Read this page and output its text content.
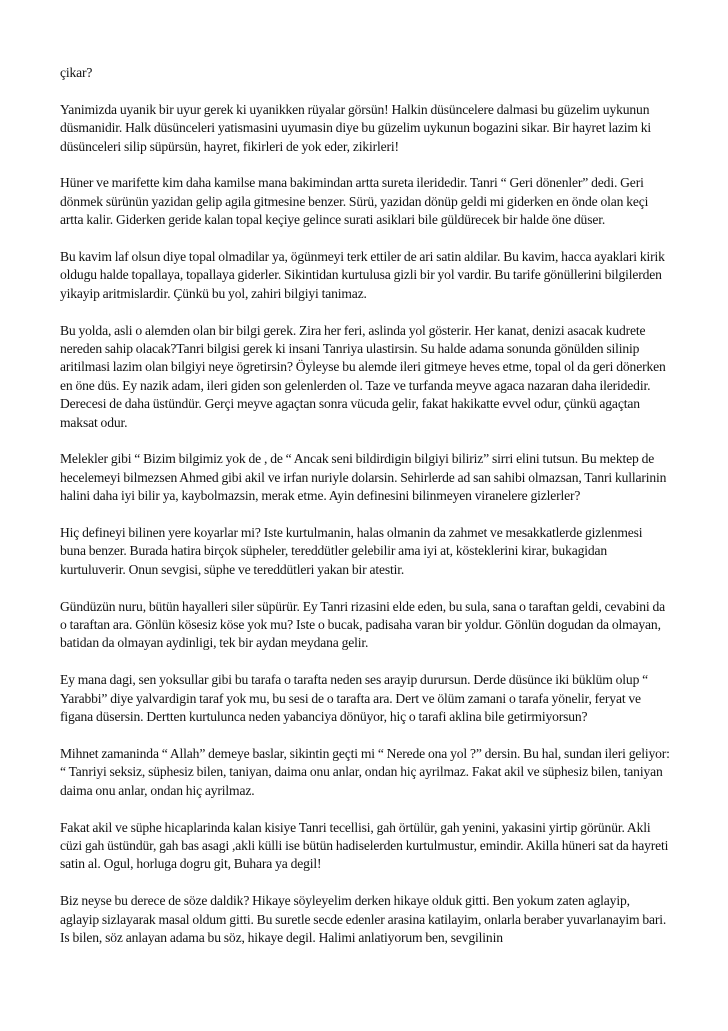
çikar?

Yanimizda uyanik bir uyur gerek ki uyanikken rüyalar görsün! Halkin düsüncelere dalmasi bu güzelim uykunun düsmanidir. Halk düsünceleri yatismasini uyumasin diye bu güzelim uykunun bogazini sikar. Bir hayret lazim ki düsünceleri silip süpürsün, hayret, fikirleri de yok eder, zikirleri!

Hüner ve marifette kim daha kamilse mana bakimindan artta sureta ileridedir. Tanri “ Geri dönenler” dedi. Geri dönmek sürünün yazidan gelip agila gitmesine benzer. Sürü, yazidan dönüp geldi mi giderken en önde olan keçi artta kalir. Giderken geride kalan topal keçiye gelince surati asiklari bile güldürecek bir halde öne düser.

Bu kavim laf olsun diye topal olmadilar ya, ögünmeyi terk ettiler de ari satin aldilar. Bu kavim, hacca ayaklari kirik oldugu halde topallaya, topallaya giderler. Sikintidan kurtulusa gizli bir yol vardir. Bu tarife gönüllerini bilgilerden yikayip aritmislardir. Çünkü bu yol, zahiri bilgiyi tanimaz.

Bu yolda, asli o alemden olan bir bilgi gerek. Zira her feri, aslinda yol gösterir. Her kanat, denizi asacak kudrete nereden sahip olacak?Tanri bilgisi gerek ki insani Tanriya ulastirsin. Su halde adama sonunda gönülden silinip aritilmasi lazim olan bilgiyi neye ögretirsin? Öyleyse bu alemde ileri gitmeye heves etme, topal ol da geri dönerken en öne düs. Ey nazik adam, ileri giden son gelenlerden ol. Taze ve turfanda meyve agaca nazaran daha ileridedir. Derecesi de daha üstündür. Gerçi meyve agaçtan sonra vücuda gelir, fakat hakikatte evvel odur, çünkü agaçtan maksat odur.

Melekler gibi “ Bizim bilgimiz yok de , de “ Ancak seni bildirdigin bilgiyi biliriz” sirri elini tutsun. Bu mektep de hecelemeyi bilmezsen Ahmed gibi akil ve irfan nuriyle dolarsin. Sehirlerde ad san sahibi olmazsan, Tanri kullarinin halini daha iyi bilir ya, kaybolmazsin, merak etme. Ayin definesini bilinmeyen viranelere gizlerler?

Hiç defineyi bilinen yere koyarlar mi? Iste kurtulmanin, halas olmanin da zahmet ve mesakkatlerde gizlenmesi buna benzer. Burada hatira birçok süpheler, tereddütler gelebilir ama iyi at, kösteklerini kirar, bukagidan kurtuluverir. Onun sevgisi, süphe ve tereddütleri yakan bir atestir.

Gündüzün nuru, bütün hayalleri siler süpürür. Ey Tanri rizasini elde eden, bu sula, sana o taraftan geldi, cevabini da o taraftan ara. Gönlün kösesiz köse yok mu? Iste o bucak, padisaha varan bir yoldur. Gönlün dogudan da olmayan, batidan da olmayan aydinligi, tek bir aydan meydana gelir.

Ey mana dagi, sen yoksullar gibi bu tarafa o tarafta neden ses arayip durursun. Derde düsünce iki büklüm olup “ Yarabbi” diye yalvardigin taraf yok mu, bu sesi de o tarafta ara. Dert ve ölüm zamani o tarafa yönelir, feryat ve figana düsersin. Dertten kurtulunca neden yabanciya dönüyor, hiç o tarafi aklina bile getirmiyorsun?

Mihnet zamaninda “ Allah” demeye baslar, sikintin geçti mi “ Nerede ona yol ?” dersin. Bu hal, sundan ileri geliyor: “ Tanriyi seksiz, süphesiz bilen, taniyan, daima onu anlar, ondan hiç ayrilmaz. Fakat akil ve süphesiz bilen, taniyan daima onu anlar, ondan hiç ayrilmaz.

Fakat akil ve süphe hicaplarinda kalan kisiye Tanri tecellisi, gah örtülür, gah yenini, yakasini yirtip görünür. Akli cüzi gah üstündür, gah bas asagi ,akli külli ise bütün hadiselerden kurtulmustur, emindir. Akilla hüneri sat da hayreti satin al. Ogul, horluga dogru git, Buhara ya degil!

Biz neyse bu derece de söze daldik? Hikaye söyleyelim derken hikaye olduk gitti. Ben yokum zaten aglayip, aglayip sizlayarak masal oldum gitti. Bu suretle secde edenler arasina katilayim, onlarla beraber yuvarlanayim bari. Is bilen, söz anlayan adama bu söz, hikaye degil. Halimi anlatiyorum ben, sevgilinin
